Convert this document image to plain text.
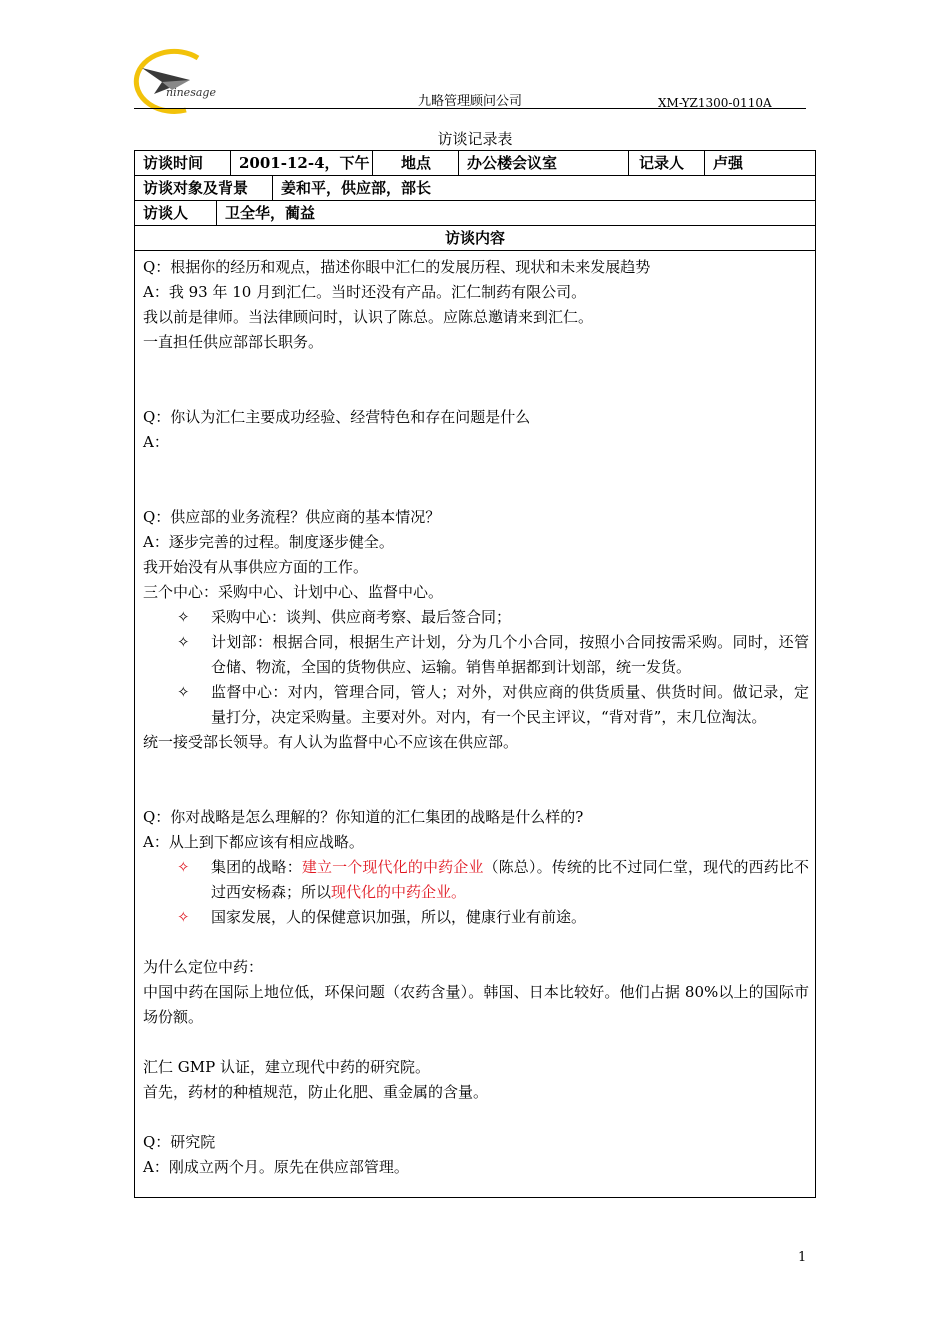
ninesage
九略管理顾问公司	XM-YZ1300-0110A
访谈记录表
访谈时间	2001-12-4，下午	地点	办公楼会议室	记录人	卢强
访谈对象及背景	姜和平，供应部，部长
访谈人	卫全华，蔺益
访谈内容
Q：根据你的经历和观点，描述你眼中汇仁的发展历程、现状和未来发展趋势
A：我 93 年 10 月到汇仁。当时还没有产品。汇仁制药有限公司。
我以前是律师。当法律顾问时，认识了陈总。应陈总邀请来到汇仁。
一直担任供应部部长职务。
Q：你认为汇仁主要成功经验、经营特色和存在问题是什么
A：
Q：供应部的业务流程？供应商的基本情况？
A：逐步完善的过程。制度逐步健全。
我开始没有从事供应方面的工作。
三个中心：采购中心、计划中心、监督中心。
✧ 采购中心：谈判、供应商考察、最后签合同；
✧ 计划部：根据合同，根据生产计划，分为几个小合同，按照小合同按需采购。同时，还管仓储、物流，全国的货物供应、运输。销售单据都到计划部，统一发货。
✧ 监督中心：对内，管理合同，管人；对外，对供应商的供货质量、供货时间。做记录，定量打分，决定采购量。主要对外。对内，有一个民主评议，“背对背”，末几位淘汰。
统一接受部长领导。有人认为监督中心不应该在供应部。
Q：你对战略是怎么理解的？你知道的汇仁集团的战略是什么样的?
A：从上到下都应该有相应战略。
✧ 集团的战略：建立一个现代化的中药企业（陈总）。传统的比不过同仁堂，现代的西药比不过西安杨森；所以现代化的中药企业。
✧ 国家发展，人的保健意识加强，所以，健康行业有前途。
为什么定位中药：
中国中药在国际上地位低，环保问题（农药含量）。韩国、日本比较好。他们占据 80%以上的国际市场份额。
汇仁 GMP 认证，建立现代中药的研究院。
首先，药材的种植规范，防止化肥、重金属的含量。
Q：研究院
A：刚成立两个月。原先在供应部管理。
1
